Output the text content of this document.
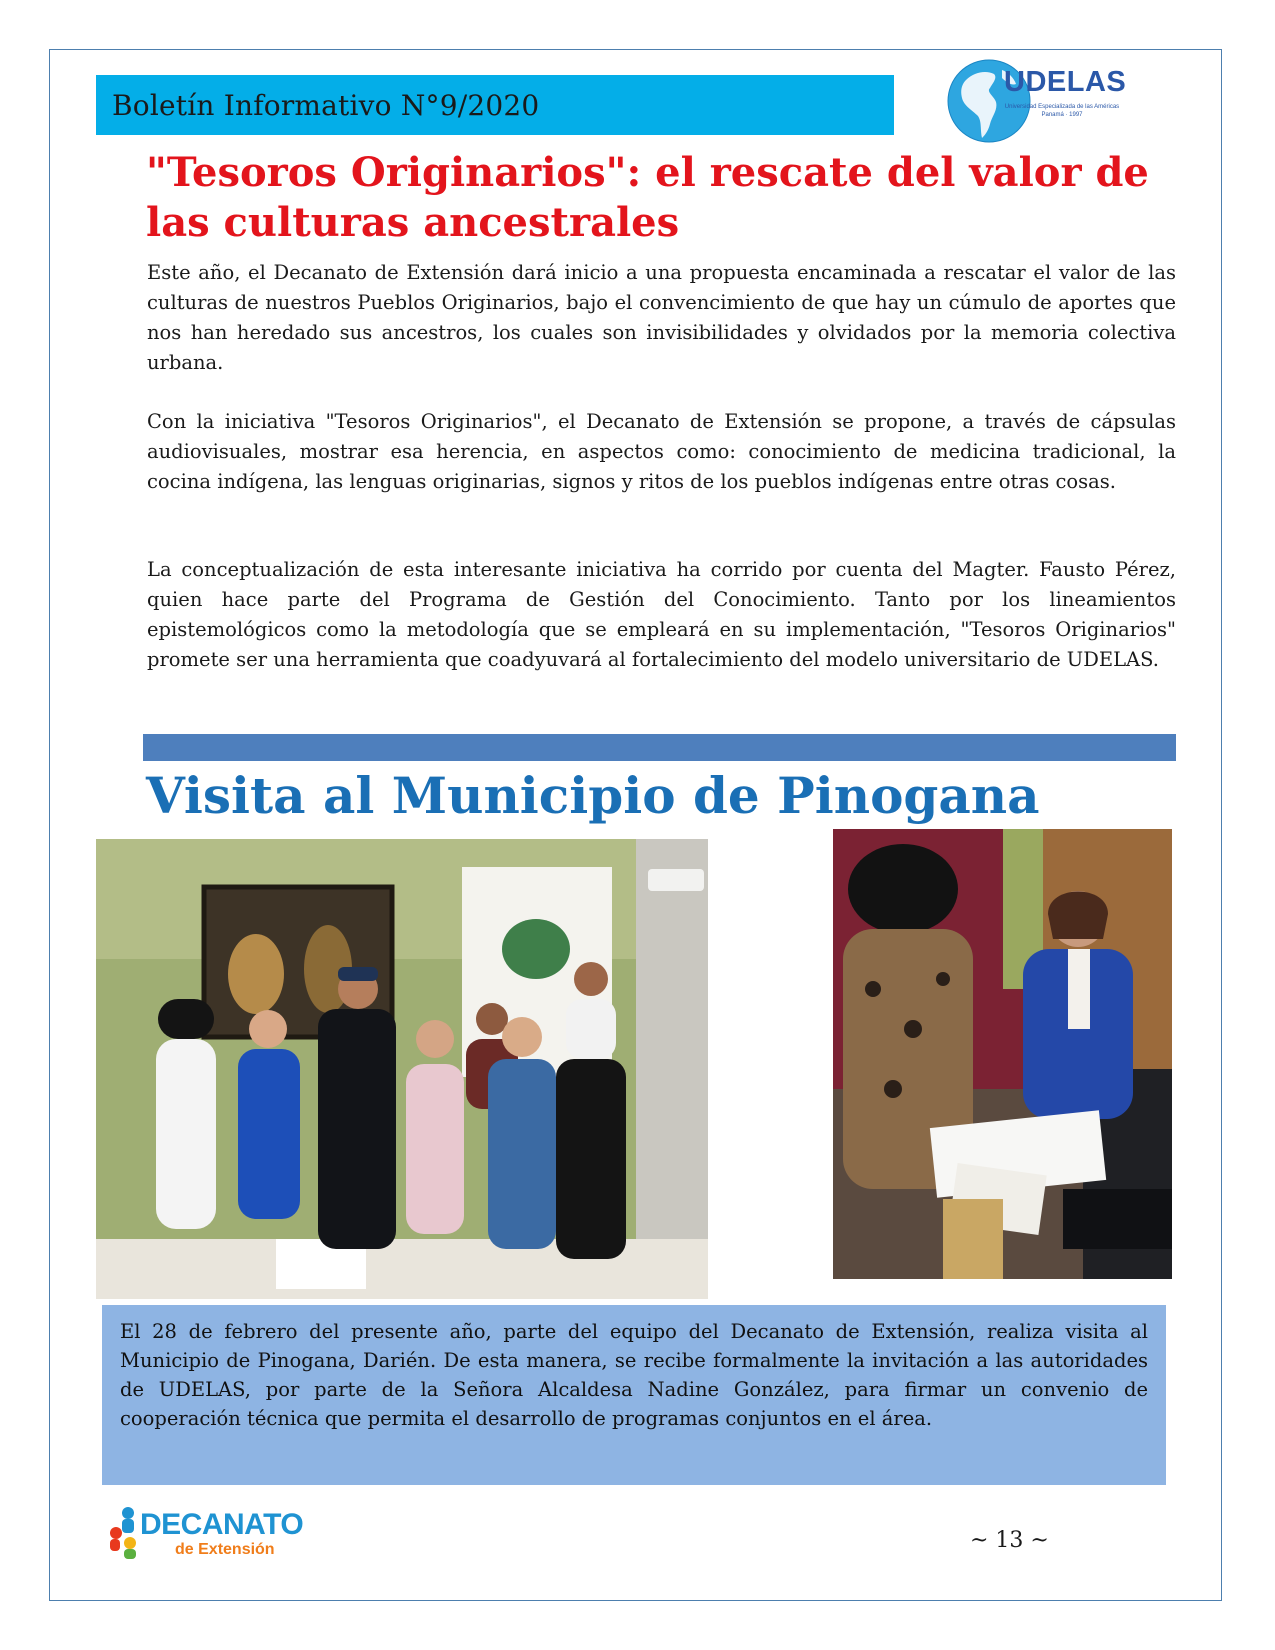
Boletín Informativo N°9/2020
UDELAS
Universidad Especializada de las Américas Panamá · 1997
"Tesoros Originarios": el rescate del valor de las culturas ancestrales

Este año, el Decanato de Extensión dará inicio a una propuesta encaminada a rescatar el valor de las culturas de nuestros Pueblos Originarios, bajo el convencimiento de que hay un cúmulo de aportes que nos han heredado sus ancestros, los cuales son invisibilidades y olvidados por la memoria colectiva urbana.

Con la iniciativa "Tesoros Originarios", el Decanato de Extensión se propone, a través de cápsulas audiovisuales, mostrar esa herencia, en aspectos como: conocimiento de medicina tradicional, la cocina indígena, las lenguas originarias, signos y ritos de los pueblos indígenas entre otras cosas.

La conceptualización de esta interesante iniciativa ha corrido por cuenta del Magter. Fausto Pérez, quien hace parte del Programa de Gestión del Conocimiento. Tanto por los lineamientos epistemológicos como la metodología que se empleará en su implementación, "Tesoros Originarios" promete ser una herramienta que coadyuvará al fortalecimiento del modelo universitario de UDELAS.

Visita al Municipio de Pinogana

El 28 de febrero del presente año, parte del equipo del Decanato de Extensión, realiza visita al Municipio de Pinogana, Darién. De esta manera, se recibe formalmente la invitación a las autoridades de UDELAS, por parte de la Señora Alcaldesa Nadine González, para firmar un convenio de cooperación técnica que permita el desarrollo de programas conjuntos en el área.

DECANATO
de Extensión	~ 13 ~
